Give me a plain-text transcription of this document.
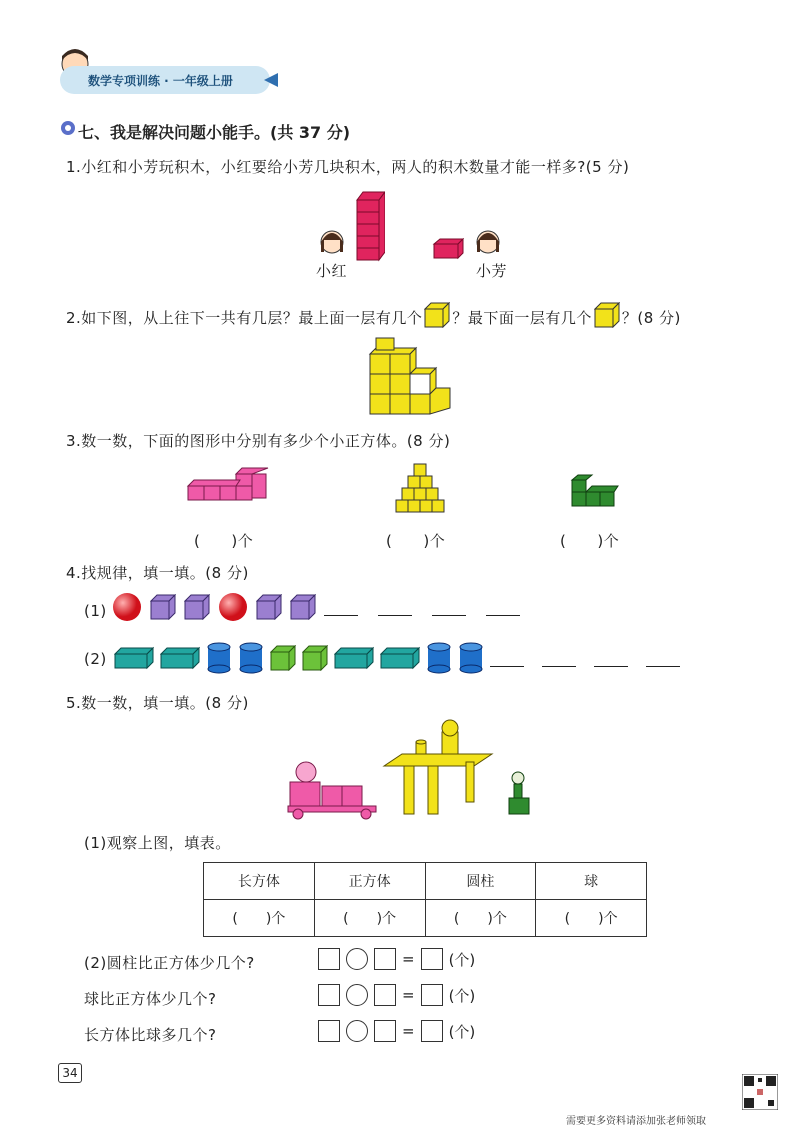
数学专项训练 · 一年级上册
七、我是解决问题小能手。(共 37 分)
1.小红和小芳玩积木，小红要给小芳几块积木，两人的积木数量才能一样多?(5 分)
小红	小芳
2.如下图，从上往下一共有几层？最上面一层有几个 ？最下面一层有几个 ？(8 分)
3.数一数，下面的图形中分别有多少个小正方体。(8 分)
(　　)个	(　　)个	(　　)个
4.找规律，填一填。(8 分)
(1)
(2)
5.数一数，填一填。(8 分)
(1)观察上图，填表。
长方体	正方体	圆柱	球
(　　)个	(　　)个	(　　)个	(　　)个
(2)圆柱比正方体少几个?	= (个)
球比正方体少几个?	= (个)
长方体比球多几个?	= (个)
34
需要更多资料请添加张老师领取
